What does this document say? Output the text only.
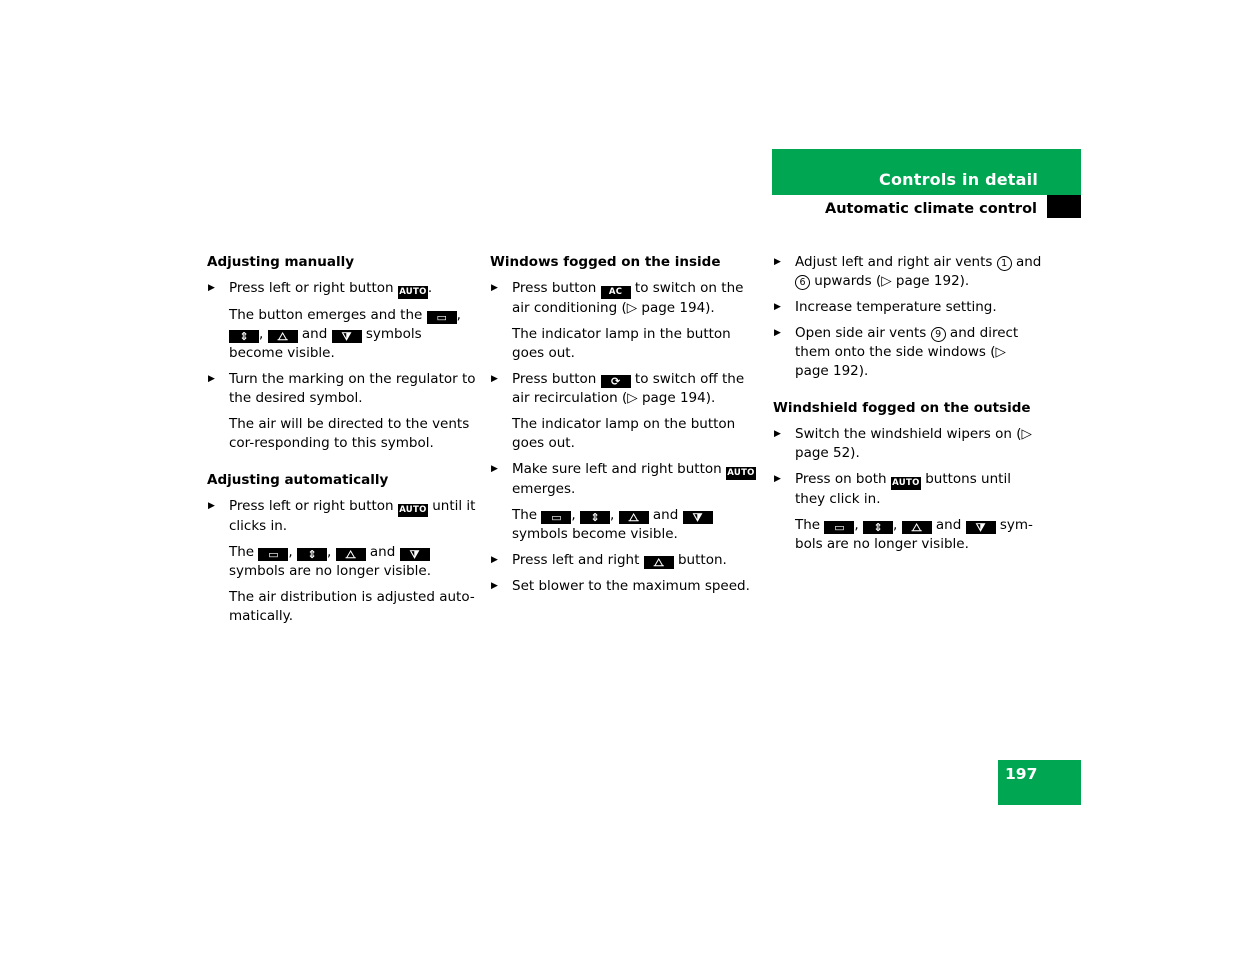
Controls in detail

Automatic climate control

Adjusting manually
▶ Press left or right button AUTO.
The button emerges and the ▭ , ⇕ , ⧍ and ⧩ symbols become visible.
▶ Turn the marking on the regulator to the desired symbol.
The air will be directed to the vents cor-responding to this symbol.
Adjusting automatically
▶ Press left or right button AUTO until it clicks in.
The ▭ , ⇕ , ⧍ and ⧩ symbols are no longer visible.
The air distribution is adjusted auto-matically.
Windows fogged on the inside
▶ Press button AC to switch on the air conditioning (▷ page 194).
The indicator lamp in the button goes out.
▶ Press button ⟳ to switch off the air recirculation (▷ page 194).
The indicator lamp on the button goes out.
▶ Make sure left and right button AUTO emerges.
The ▭ , ⇕ , ⧍ and ⧩ symbols become visible.
▶ Press left and right ⧍ button.
▶ Set blower to the maximum speed.
▶ Adjust left and right air vents 1 and 6 upwards (▷ page 192).
▶ Increase temperature setting.
▶ Open side air vents 9 and direct them onto the side windows (▷ page 192).
Windshield fogged on the outside
▶ Switch the windshield wipers on (▷ page 52).
▶ Press on both AUTO buttons until they click in.
The ▭ , ⇕ , ⧍ and ⧩ sym-bols are no longer visible.

197
